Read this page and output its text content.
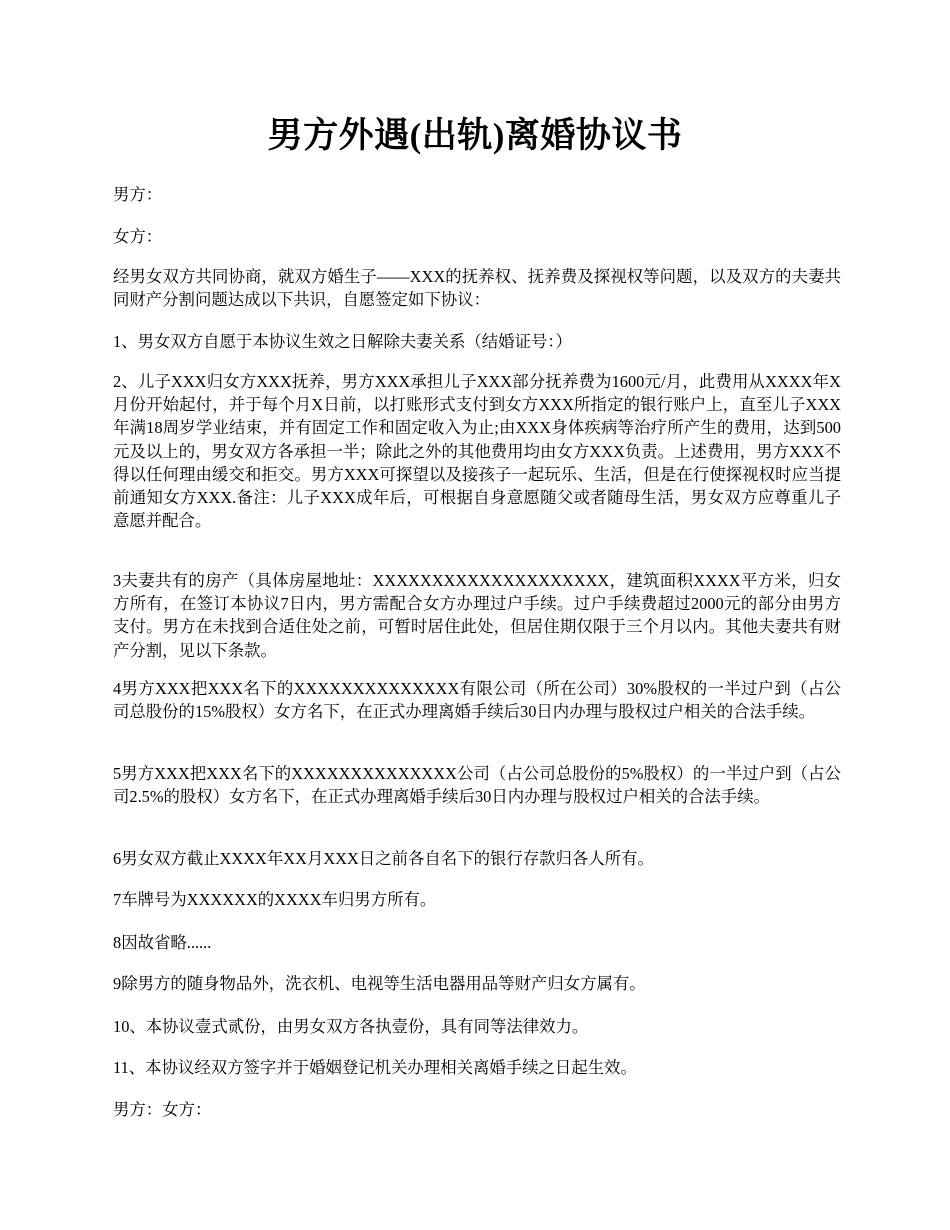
男方外遇(出轨)离婚协议书

男方：

女方：

经男女双方共同协商，就双方婚生子——XXX的抚养权、抚养费及探视权等问题，以及双方的夫妻共同财产分割问题达成以下共识，自愿签定如下协议：

1、男女双方自愿于本协议生效之日解除夫妻关系（结婚证号：）

2、儿子XXX归女方XXX抚养，男方XXX承担儿子XXX部分抚养费为1600元/月，此费用从XXXX年X月份开始起付，并于每个月X日前，以打账形式支付到女方XXX所指定的银行账户上，直至儿子XXX年满18周岁学业结束，并有固定工作和固定收入为止;由XXX身体疾病等治疗所产生的费用，达到500元及以上的，男女双方各承担一半；除此之外的其他费用均由女方XXX负责。上述费用，男方XXX不得以任何理由缓交和拒交。男方XXX可探望以及接孩子一起玩乐、生活，但是在行使探视权时应当提前通知女方XXX.备注：儿子XXX成年后，可根据自身意愿随父或者随母生活，男女双方应尊重儿子意愿并配合。

3夫妻共有的房产（具体房屋地址：XXXXXXXXXXXXXXXXXXXX，建筑面积XXXX平方米，归女方所有，在签订本协议7日内，男方需配合女方办理过户手续。过户手续费超过2000元的部分由男方支付。男方在未找到合适住处之前，可暂时居住此处，但居住期仅限于三个月以内。其他夫妻共有财产分割，见以下条款。

4男方XXX把XXX名下的XXXXXXXXXXXXXX有限公司（所在公司）30%股权的一半过户到（占公司总股份的15%股权）女方名下，在正式办理离婚手续后30日内办理与股权过户相关的合法手续。

5男方XXX把XXX名下的XXXXXXXXXXXXXX公司（占公司总股份的5%股权）的一半过户到（占公司2.5%的股权）女方名下，在正式办理离婚手续后30日内办理与股权过户相关的合法手续。

6男女双方截止XXXX年XX月XXX日之前各自名下的银行存款归各人所有。

7车牌号为XXXXXX的XXXX车归男方所有。

8因故省略......

9除男方的随身物品外，洗衣机、电视等生活电器用品等财产归女方属有。

10、本协议壹式贰份，由男女双方各执壹份，具有同等法律效力。

11、本协议经双方签字并于婚姻登记机关办理相关离婚手续之日起生效。

男方：女方：
